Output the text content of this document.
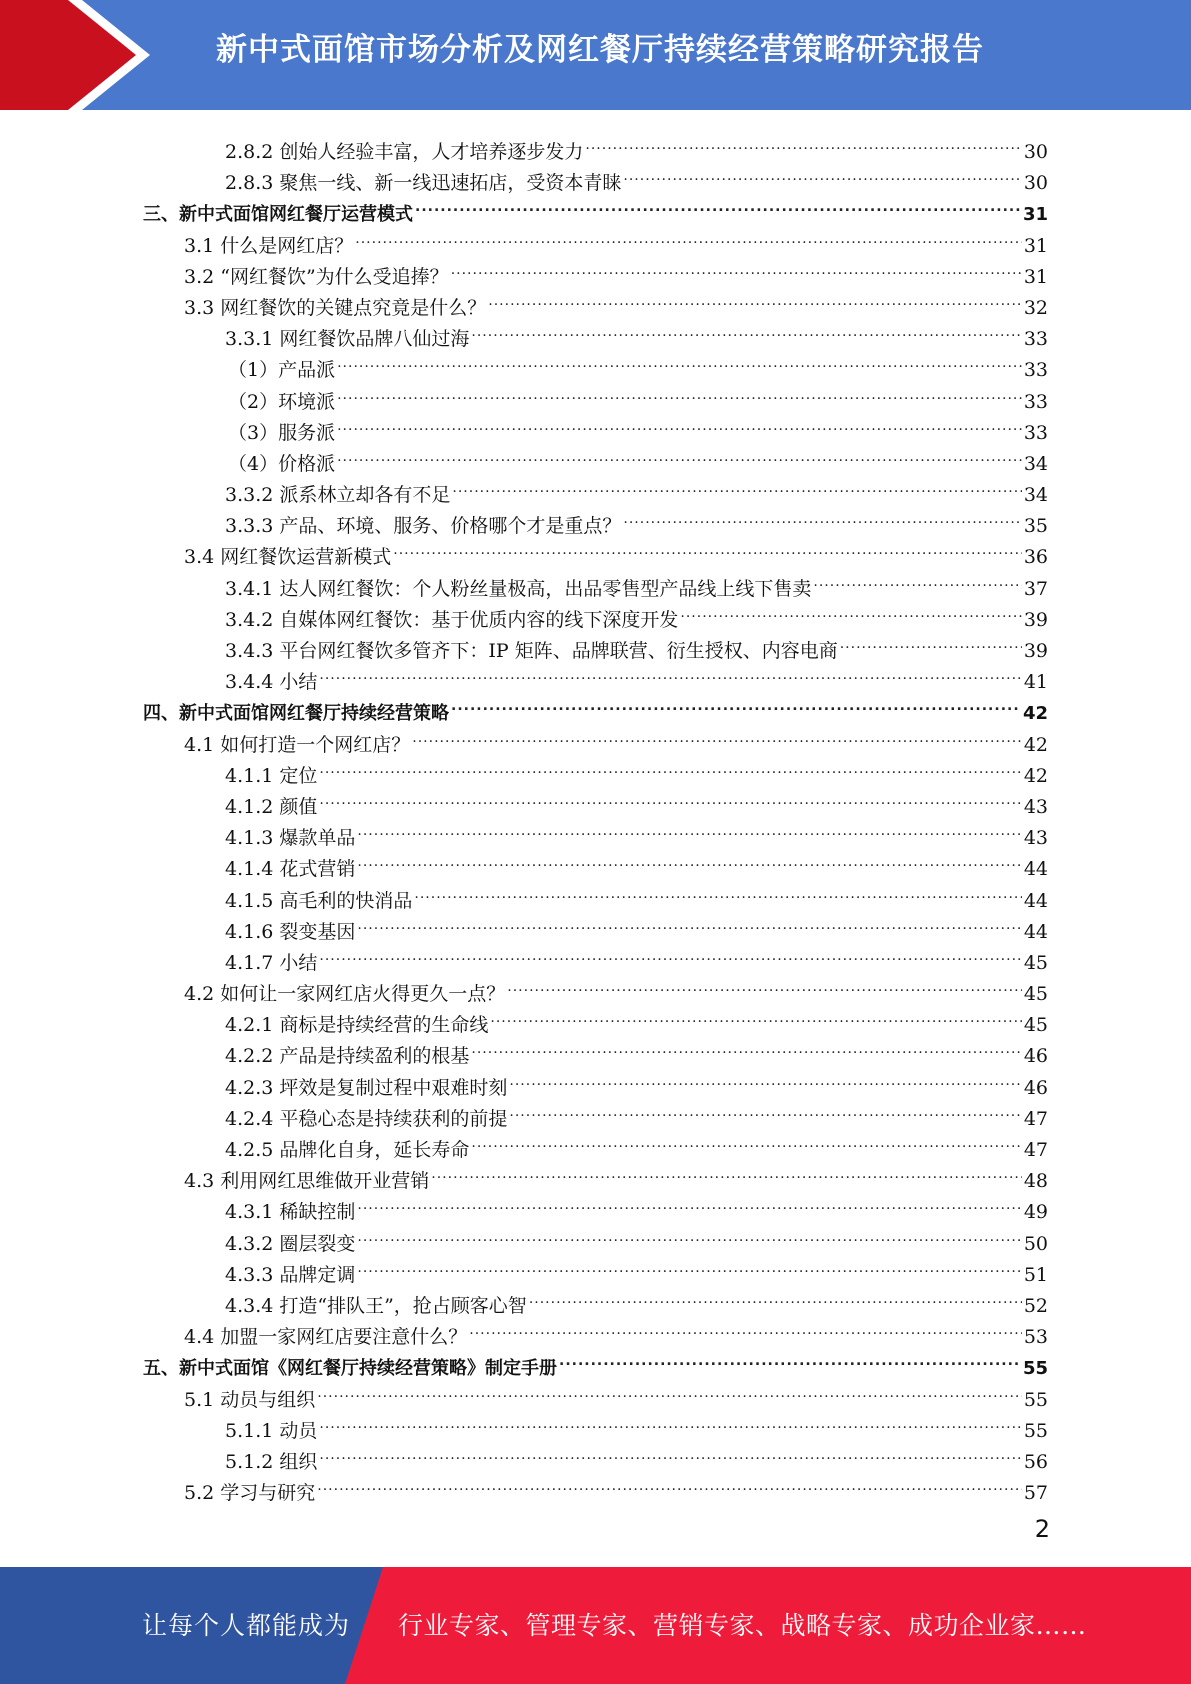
新中式面馆市场分析及网红餐厅持续经营策略研究报告
2.8.2 创始人经验丰富，人才培养逐步发力 .....	30
2.8.3 聚焦一线、新一线迅速拓店，受资本青睐 .....	30
三、新中式面馆网红餐厅运营模式 .....	31
3.1 什么是网红店？ .....	31
3.2 “网红餐饮”为什么受追捧？ .....	31
3.3 网红餐饮的关键点究竟是什么？ .....	32
3.3.1 网红餐饮品牌八仙过海 .....	33
（1）产品派 .....	33
（2）环境派 .....	33
（3）服务派 .....	33
（4）价格派 .....	34
3.3.2 派系林立却各有不足 .....	34
3.3.3 产品、环境、服务、价格哪个才是重点？ .....	35
3.4 网红餐饮运营新模式 .....	36
3.4.1 达人网红餐饮：个人粉丝量极高，出品零售型产品线上线下售卖 .....	37
3.4.2 自媒体网红餐饮：基于优质内容的线下深度开发 .....	39
3.4.3 平台网红餐饮多管齐下：IP 矩阵、品牌联营、衍生授权、内容电商 .....	39
3.4.4 小结 .....	41
四、新中式面馆网红餐厅持续经营策略 .....	42
4.1 如何打造一个网红店？ .....	42
4.1.1 定位 .....	42
4.1.2 颜值 .....	43
4.1.3 爆款单品 .....	43
4.1.4 花式营销 .....	44
4.1.5 高毛利的快消品 .....	44
4.1.6 裂变基因 .....	44
4.1.7 小结 .....	45
4.2 如何让一家网红店火得更久一点？ .....	45
4.2.1 商标是持续经营的生命线 .....	45
4.2.2 产品是持续盈利的根基 .....	46
4.2.3 坪效是复制过程中艰难时刻 .....	46
4.2.4 平稳心态是持续获利的前提 .....	47
4.2.5 品牌化自身，延长寿命 .....	47
4.3 利用网红思维做开业营销 .....	48
4.3.1 稀缺控制 .....	49
4.3.2 圈层裂变 .....	50
4.3.3 品牌定调 .....	51
4.3.4 打造“排队王”，抢占顾客心智 .....	52
4.4 加盟一家网红店要注意什么？ .....	53
五、新中式面馆《网红餐厅持续经营策略》制定手册 .....	55
5.1 动员与组织 .....	55
5.1.1 动员 .....	55
5.1.2 组织 .....	56
5.2 学习与研究 .....	57
2
让每个人都能成为 行业专家、管理专家、营销专家、战略专家、成功企业家……
